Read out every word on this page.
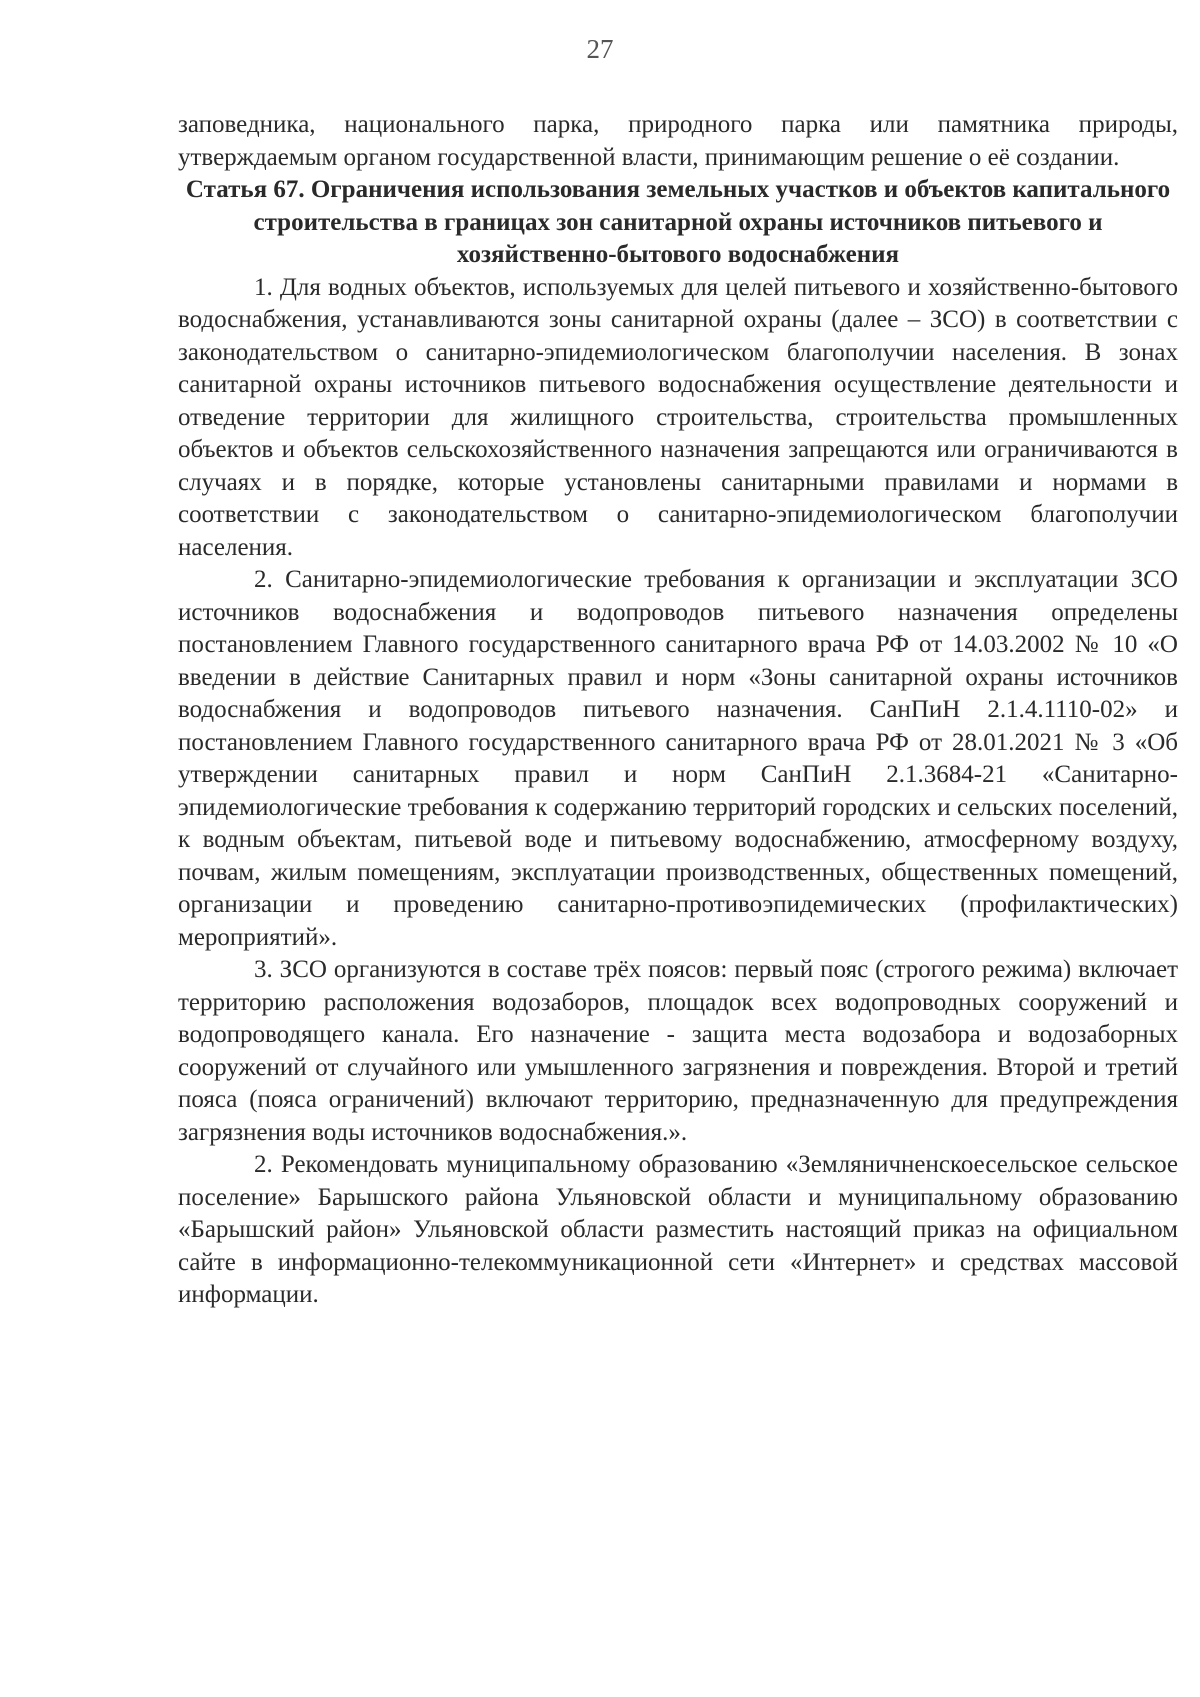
27

заповедника, национального парка, природного парка или памятника природы, утверждаемым органом государственной власти, принимающим решение о её создании.

Статья 67. Ограничения использования земельных участков и объектов капитального строительства в границах зон санитарной охраны источников питьевого и хозяйственно-бытового водоснабжения

1. Для водных объектов, используемых для целей питьевого и хозяйственно-бытового водоснабжения, устанавливаются зоны санитарной охраны (далее – ЗСО) в соответствии с законодательством о санитарно-эпидемиологическом благополучии населения. В зонах санитарной охраны источников питьевого водоснабжения осуществление деятельности и отведение территории для жилищного строительства, строительства промышленных объектов и объектов сельскохозяйственного назначения запрещаются или ограничиваются в случаях и в порядке, которые установлены санитарными правилами и нормами в соответствии с законодательством о санитарно-эпидемиологическом благополучии населения.

2. Санитарно-эпидемиологические требования к организации и эксплуатации ЗСО источников водоснабжения и водопроводов питьевого назначения определены постановлением Главного государственного санитарного врача РФ от 14.03.2002 № 10 «О введении в действие Санитарных правил и норм «Зоны санитарной охраны источников водоснабжения и водопроводов питьевого назначения. СанПиН 2.1.4.1110-02» и постановлением Главного государственного санитарного врача РФ от 28.01.2021 № 3 «Об утверждении санитарных правил и норм СанПиН 2.1.3684-21 «Санитарно-эпидемиологические требования к содержанию территорий городских и сельских поселений, к водным объектам, питьевой воде и питьевому водоснабжению, атмосферному воздуху, почвам, жилым помещениям, эксплуатации производственных, общественных помещений, организации и проведению санитарно-противоэпидемических (профилактических) мероприятий».

3. ЗСО организуются в составе трёх поясов: первый пояс (строгого режима) включает территорию расположения водозаборов, площадок всех водопроводных сооружений и водопроводящего канала. Его назначение - защита места водозабора и водозаборных сооружений от случайного или умышленного загрязнения и повреждения. Второй и третий пояса (пояса ограничений) включают территорию, предназначенную для предупреждения загрязнения воды источников водоснабжения.».

2. Рекомендовать муниципальному образованию «Земляничненскоесельское сельское поселение» Барышского района Ульяновской области и муниципальному образованию «Барышский район» Ульяновской области разместить настоящий приказ на официальном сайте в информационно-телекоммуникационной сети «Интернет» и средствах массовой информации.
